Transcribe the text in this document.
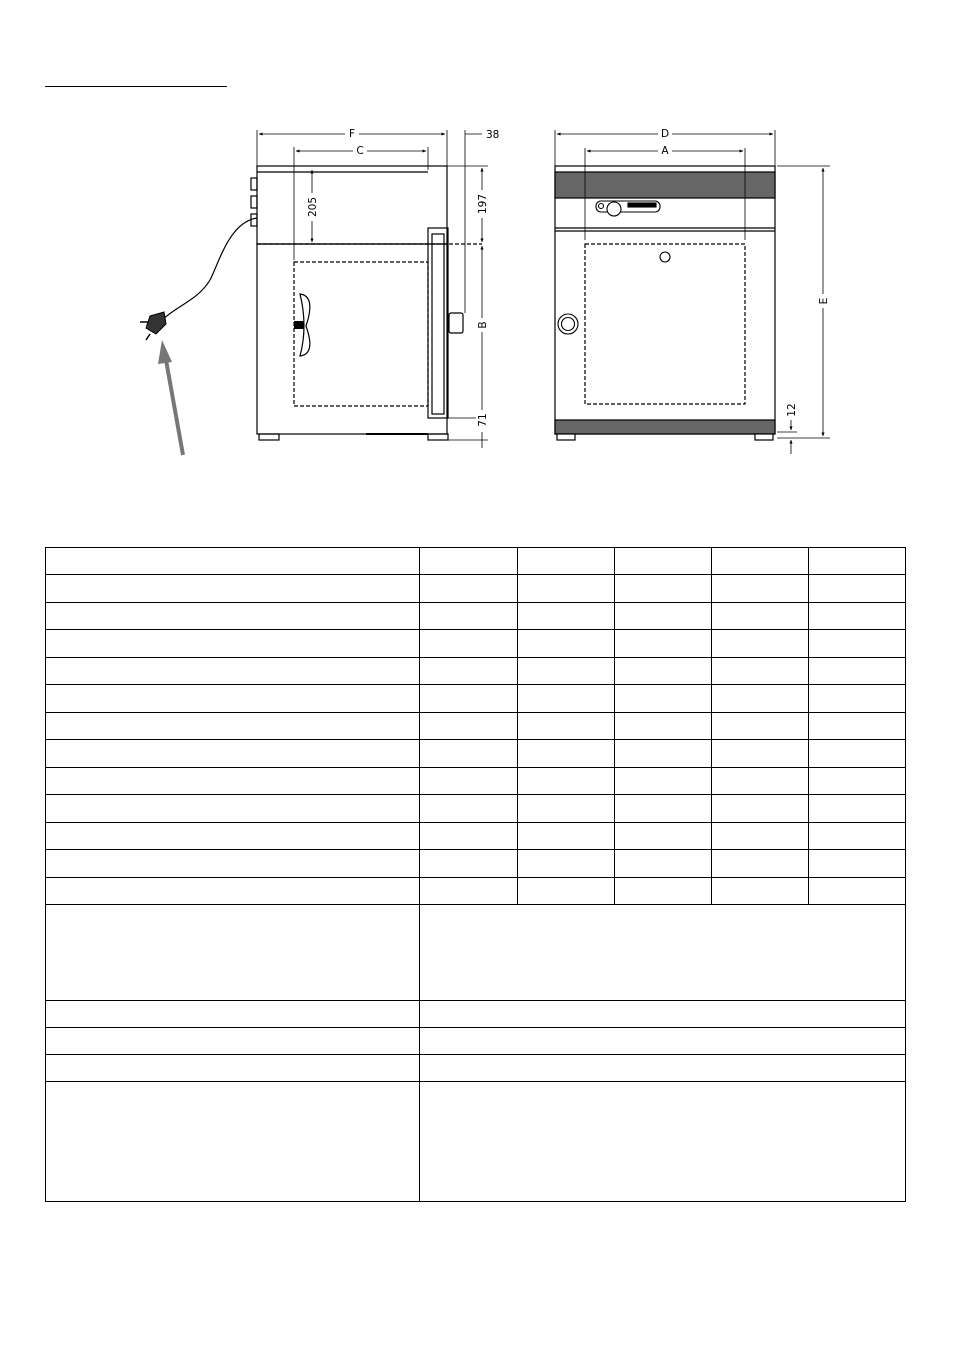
F
C
38
205	197
B
71
D
A
E
12
